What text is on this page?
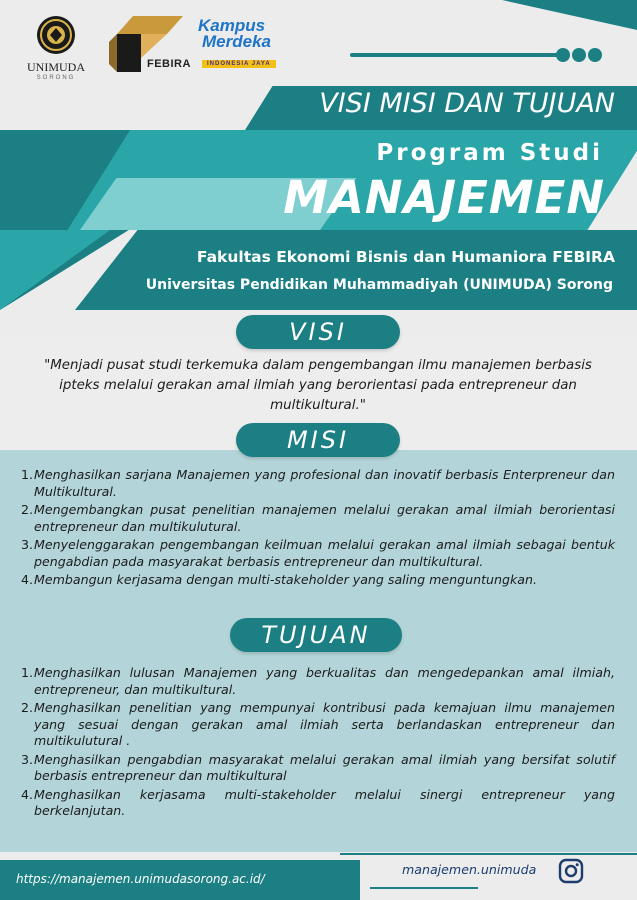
UNIMUDA
SORONG
FEBIRA
Kampus
Merdeka
INDONESIA JAYA
VISI MISI DAN TUJUAN
Program Studi
MANAJEMEN
Fakultas Ekonomi Bisnis dan Humaniora FEBIRA
Universitas Pendidikan Muhammadiyah (UNIMUDA) Sorong
VISI
"Menjadi pusat studi terkemuka dalam pengembangan ilmu manajemen berbasis ipteks melalui gerakan amal ilmiah yang berorientasi pada entrepreneur dan multikultural."
MISI
1. Menghasilkan sarjana Manajemen yang profesional dan inovatif berbasis Enterpreneur dan Multikultural.
2. Mengembangkan pusat penelitian manajemen melalui gerakan amal ilmiah berorientasi entrepreneur dan multikulutural.
3. Menyelenggarakan pengembangan keilmuan melalui gerakan amal ilmiah sebagai bentuk pengabdian pada masyarakat berbasis entrepreneur dan multikultural.
4. Membangun kerjasama dengan multi-stakeholder yang saling menguntungkan.
TUJUAN
1. Menghasilkan lulusan Manajemen yang berkualitas dan mengedepankan amal ilmiah, entrepreneur, dan multikultural.
2. Menghasilkan penelitian yang mempunyai kontribusi pada kemajuan ilmu manajemen yang sesuai dengan gerakan amal ilmiah serta berlandaskan entrepreneur dan multikulutural .
3. Menghasilkan pengabdian masyarakat melalui gerakan amal ilmiah yang bersifat solutif berbasis entrepreneur dan multikultural
4. Menghasilkan kerjasama multi-stakeholder melalui sinergi entrepreneur yang berkelanjutan.
https://manajemen.unimudasorong.ac.id/
manajemen.unimuda
